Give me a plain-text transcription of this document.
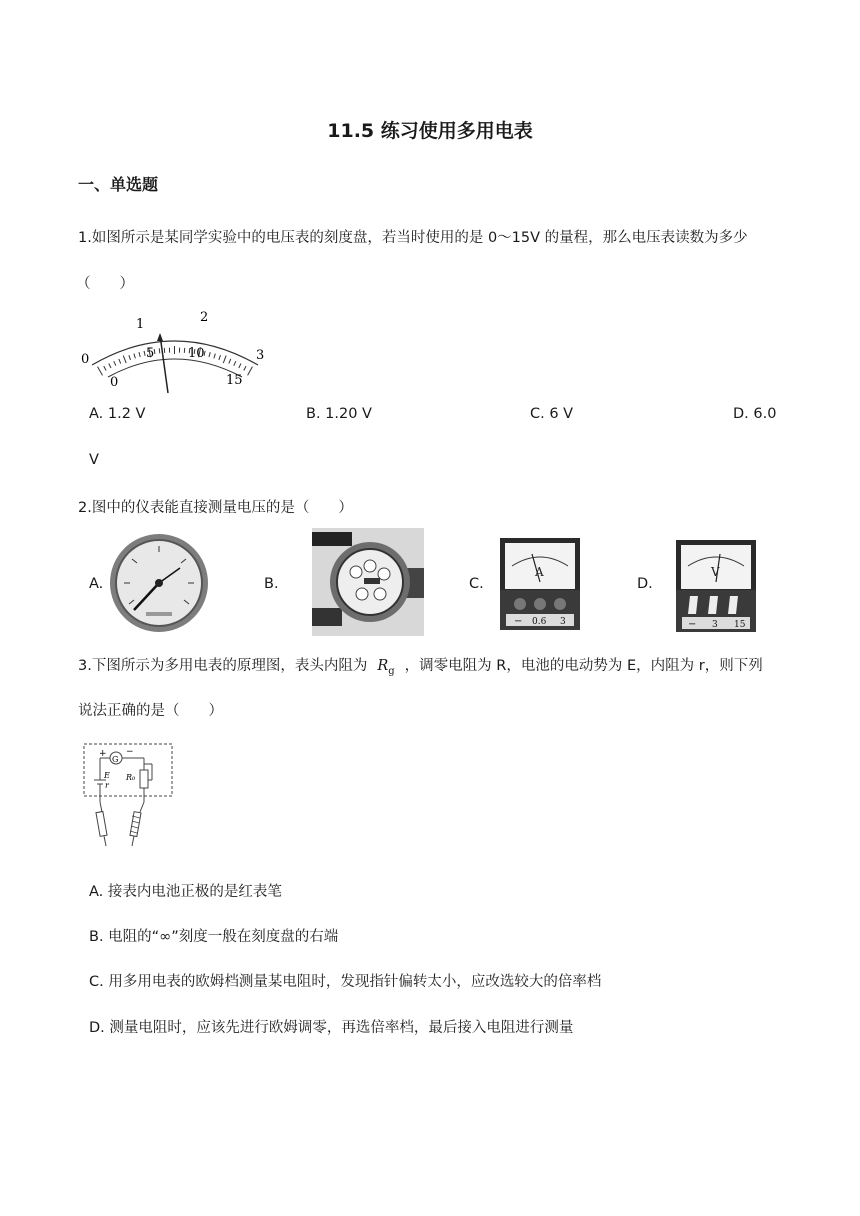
11.5 练习使用多用电表
一、单选题
1.如图所示是某同学实验中的电压表的刻度盘，若当时使用的是 0～15V 的量程，那么电压表读数为多少
（　　）
0
1	2
3
0
5	10
15
A. 1.2 V	B. 1.20 V	C. 6 V	D. 6.0
V
2.图中的仪表能直接测量电压的是（　　）
A.	B.	C.
A
− 0.6 3
D.
V
− 3 15
3.下图所示为多用电表的原理图，表头内阻为 $R_g$ ，调零电阻为 R，电池的电动势为 E，内阻为 r，则下列
说法正确的是（　　）
G
R₀
+ −
E
r
A. 接表内电池正极的是红表笔
B. 电阻的“∞”刻度一般在刻度盘的右端
C. 用多用电表的欧姆档测量某电阻时，发现指针偏转太小，应改选较大的倍率档
D. 测量电阻时，应该先进行欧姆调零，再选倍率档，最后接入电阻进行测量
